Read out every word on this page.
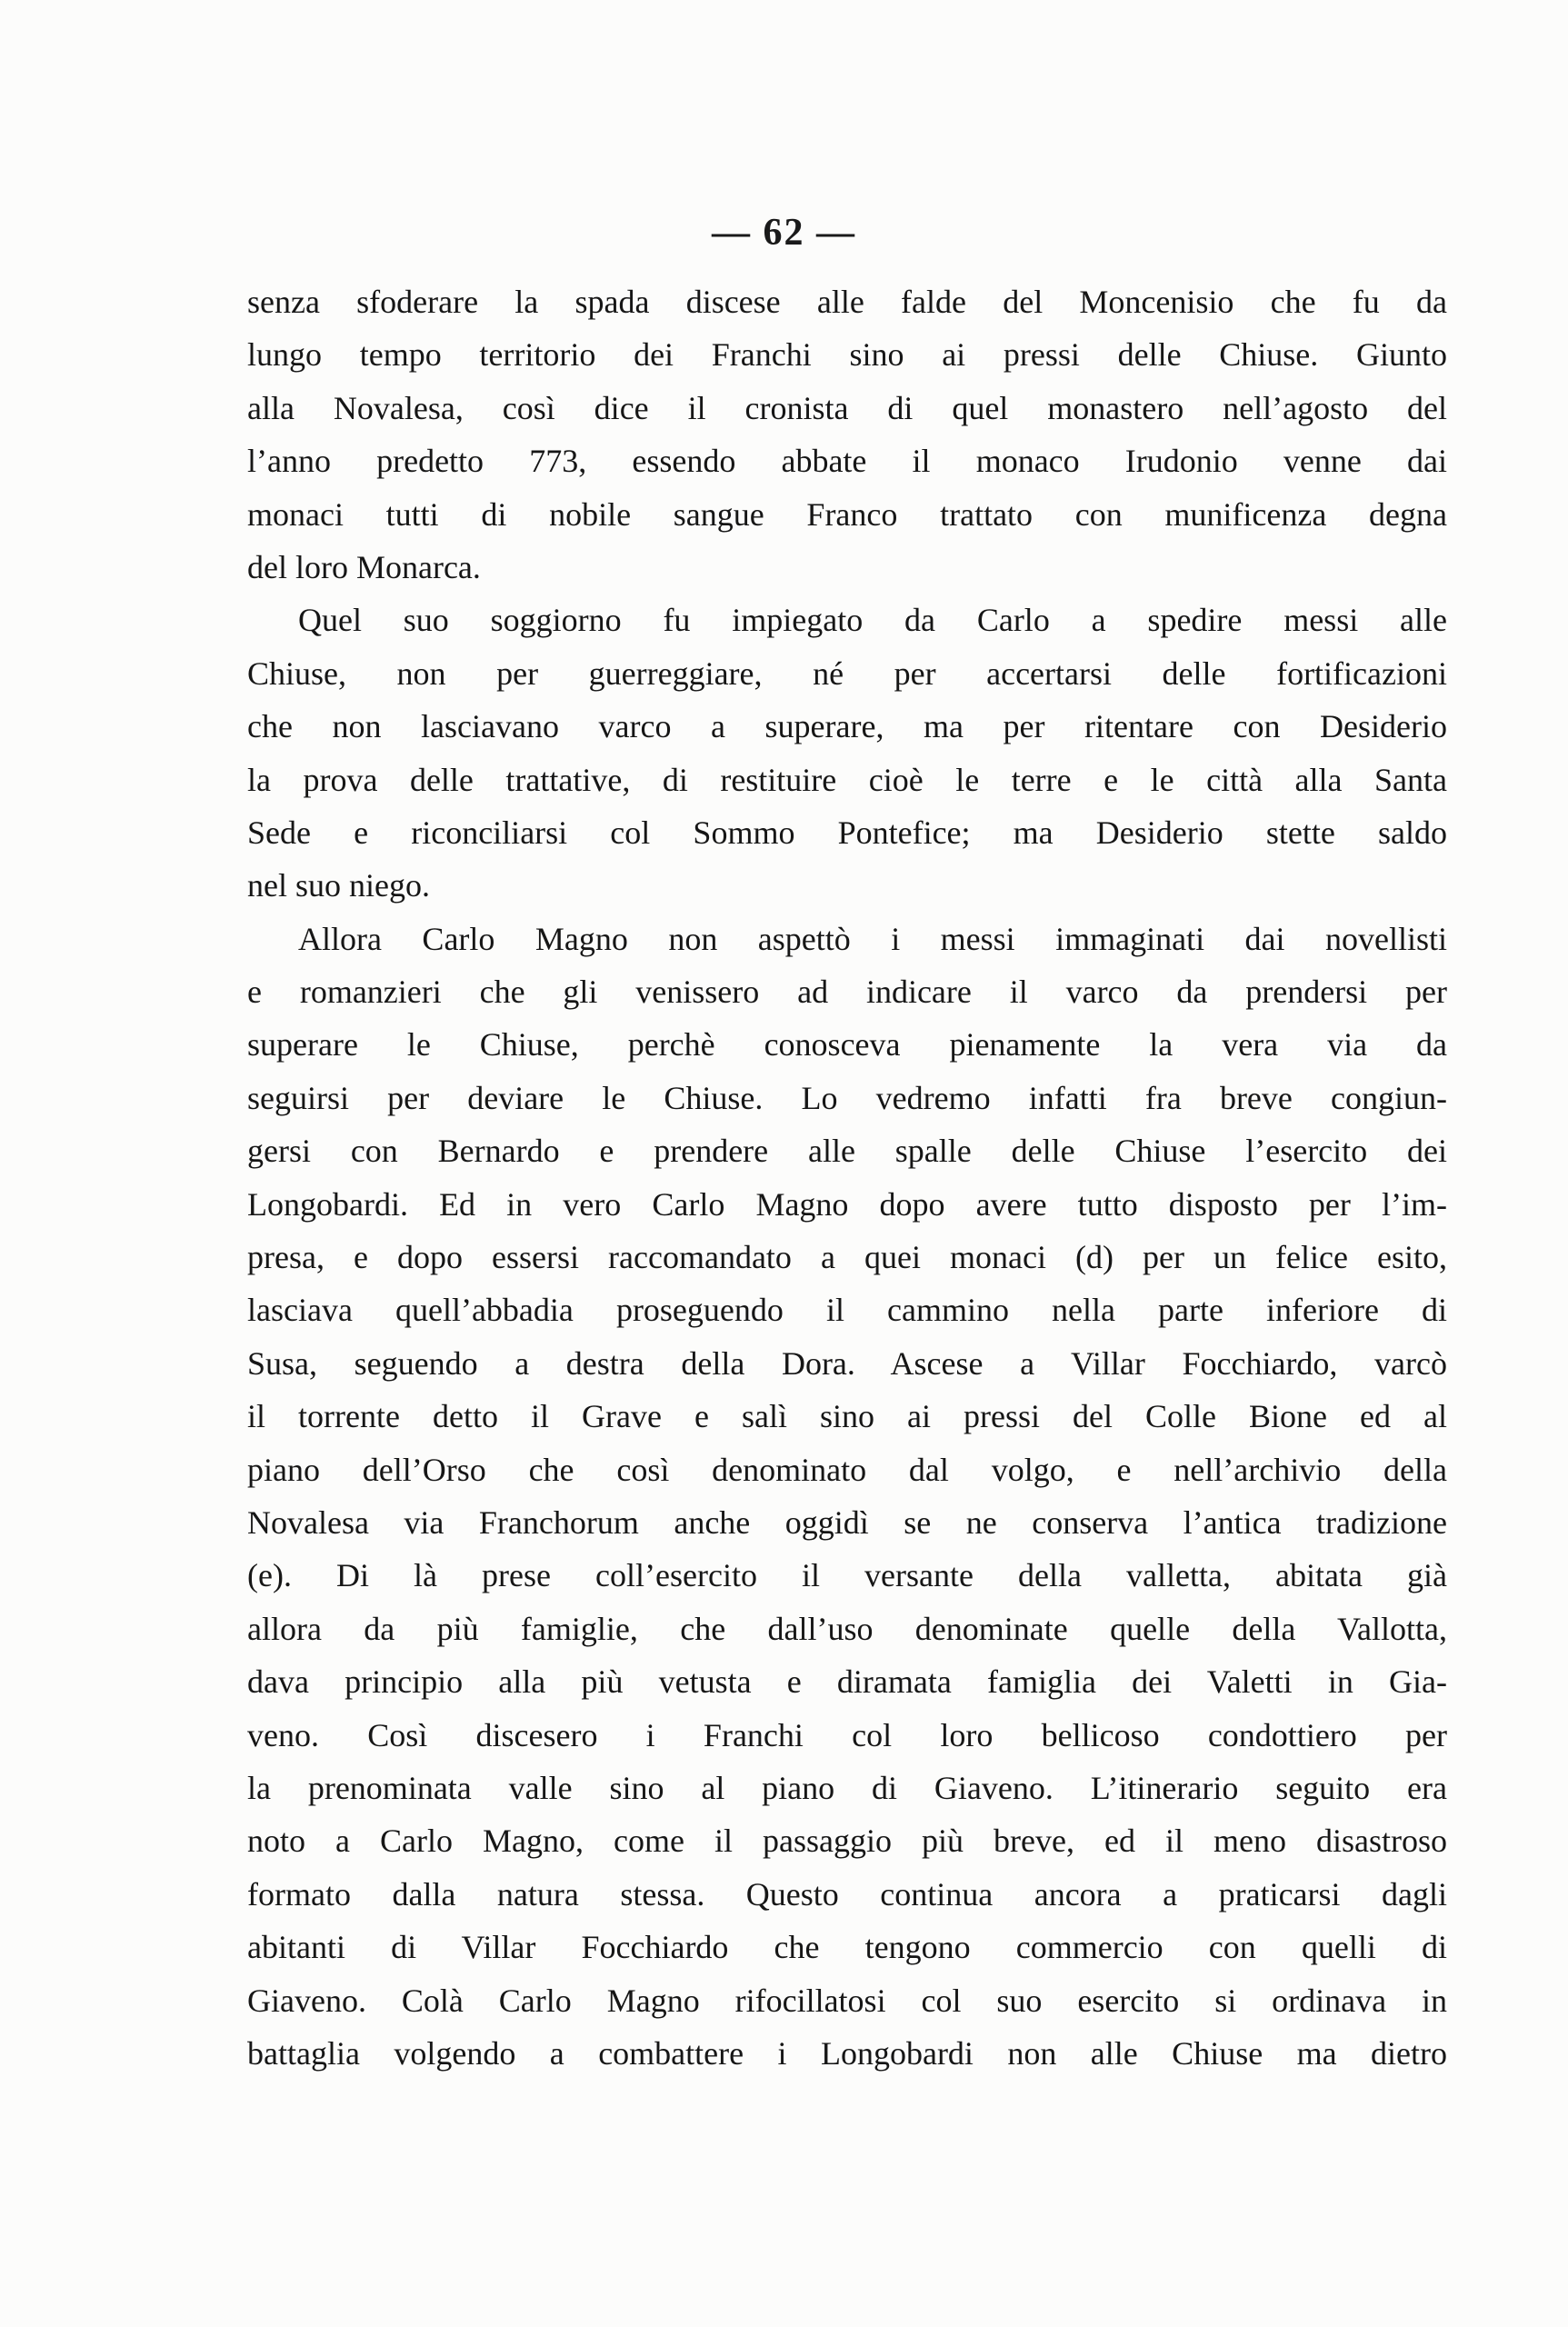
— 62 —
senza sfoderare la spada discese alle falde del Moncenisio che fu da
lungo tempo territorio dei Franchi sino ai pressi delle Chiuse. Giunto
alla Novalesa, così dice il cronista di quel monastero nell’agosto del
l’anno predetto 773, essendo abbate il monaco Irudonio venne dai
monaci tutti di nobile sangue Franco trattato con munificenza degna
del loro Monarca.
Quel suo soggiorno fu impiegato da Carlo a spedire messi alle
Chiuse, non per guerreggiare, né per accertarsi delle fortificazioni
che non lasciavano varco a superare, ma per ritentare con Desiderio
la prova delle trattative, di restituire cioè le terre e le città alla Santa
Sede e riconciliarsi col Sommo Pontefice; ma Desiderio stette saldo
nel suo niego.
Allora Carlo Magno non aspettò i messi immaginati dai novellisti
e romanzieri che gli venissero ad indicare il varco da prendersi per
superare le Chiuse, perchè conosceva pienamente la vera via da
seguirsi per deviare le Chiuse. Lo vedremo infatti fra breve congiun-
gersi con Bernardo e prendere alle spalle delle Chiuse l’esercito dei
Longobardi. Ed in vero Carlo Magno dopo avere tutto disposto per l’im-
presa, e dopo essersi raccomandato a quei monaci (d) per un felice esito,
lasciava quell’abbadia proseguendo il cammino nella parte inferiore di
Susa, seguendo a destra della Dora. Ascese a Villar Focchiardo, varcò
il torrente detto il Grave e salì sino ai pressi del Colle Bione ed al
piano dell’Orso che così denominato dal volgo, e nell’archivio della
Novalesa via Franchorum anche oggidì se ne conserva l’antica tradizione
(e). Di là prese coll’esercito il versante della valletta, abitata già
allora da più famiglie, che dall’uso denominate quelle della Vallotta,
dava principio alla più vetusta e diramata famiglia dei Valetti in Gia-
veno. Così discesero i Franchi col loro bellicoso condottiero per
la prenominata valle sino al piano di Giaveno. L’itinerario seguito era
noto a Carlo Magno, come il passaggio più breve, ed il meno disastroso
formato dalla natura stessa. Questo continua ancora a praticarsi dagli
abitanti di Villar Focchiardo che tengono commercio con quelli di
Giaveno. Colà Carlo Magno rifocillatosi col suo esercito si ordinava in
battaglia volgendo a combattere i Longobardi non alle Chiuse ma dietro
